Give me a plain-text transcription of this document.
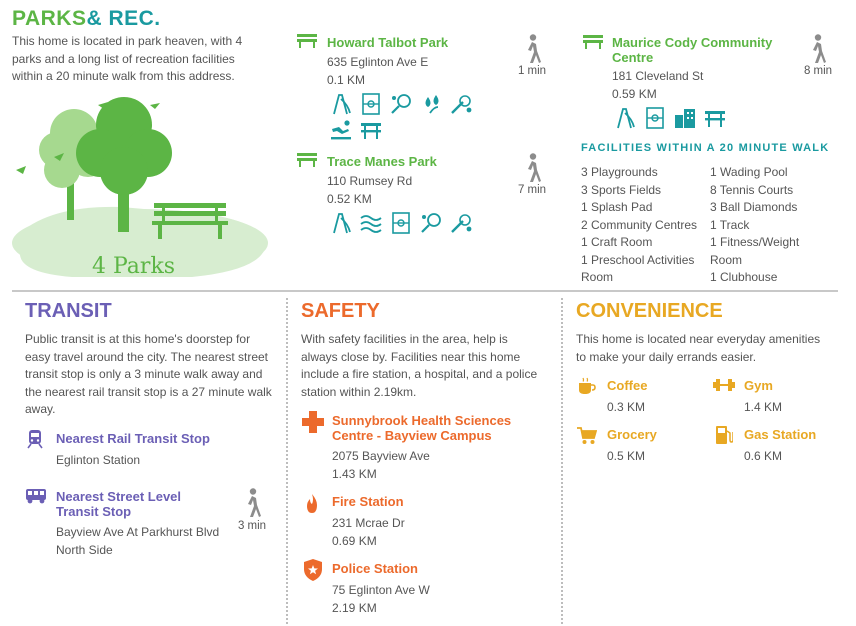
PARKS& REC.
This home is located in park heaven, with 4 parks and a long list of recreation facilities within a 20 minute walk from this address.
4 Parks
Howard Talbot Park
635 Eglinton Ave E
0.1 KM
1 min
Trace Manes Park
110 Rumsey Rd
0.52 KM
7 min
Maurice Cody Community Centre
181 Cleveland St
0.59 KM
8 min
FACILITIES WITHIN A 20 MINUTE WALK
3 Playgrounds
3 Sports Fields
1 Splash Pad
2 Community Centres
1 Craft Room
1 Preschool Activities
Room
1 Wading Pool
8 Tennis Courts
3 Ball Diamonds
1 Track
1 Fitness/Weight
Room
1 Clubhouse
TRANSIT
Public transit is at this home's doorstep for easy travel around the city. The nearest street transit stop is only a 3 minute walk away and the nearest rail transit stop is a 27 minute walk away.
Nearest Rail Transit Stop
Eglinton Station
Nearest Street Level
Transit Stop
Bayview Ave At Parkhurst Blvd
North Side
3 min
SAFETY
With safety facilities in the area, help is always close by. Facilities near this home include a fire station, a hospital, and a police station within 2.19km.
Sunnybrook Health Sciences
Centre - Bayview Campus
2075 Bayview Ave
1.43 KM
Fire Station
231 Mcrae Dr
0.69 KM
Police Station
75 Eglinton Ave W
2.19 KM
CONVENIENCE
This home is located near everyday amenities to make your daily errands easier.
Coffee
0.3 KM
Gym
1.4 KM
Grocery
0.5 KM
Gas Station
0.6 KM
